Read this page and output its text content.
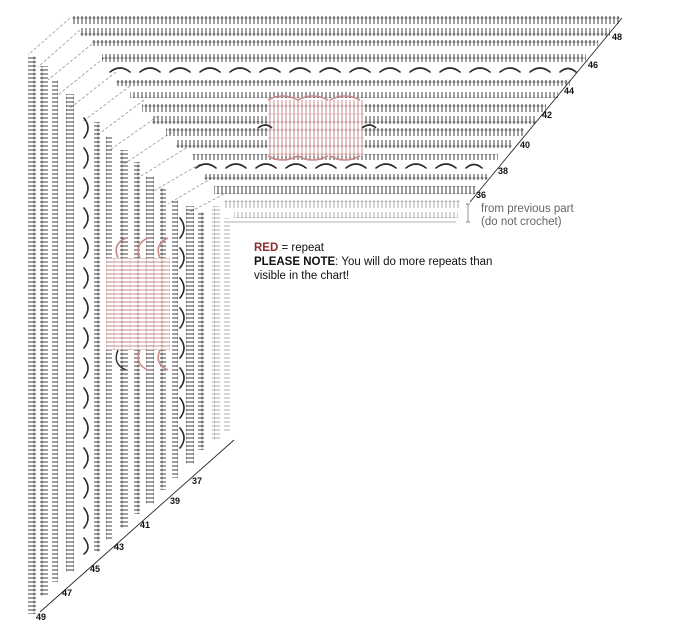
48
46
44
42
40
38
36
37
39
41
43
45
47
49
from previous part
(do not crochet)
RED = repeat
PLEASE NOTE: You will do more repeats than visible in the chart!
